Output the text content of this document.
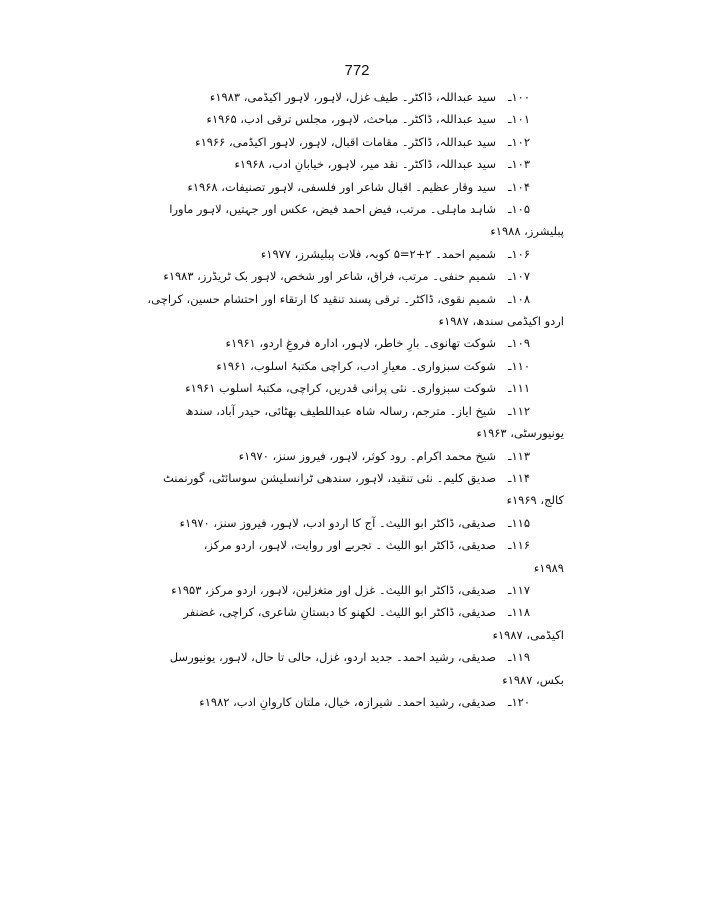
772
۱۰۰ـسید عبداللہ، ڈاکٹر۔ طیف غزل، لاہور، لاہور اکیڈمی، ۱۹۸۳ء
۱۰۱ـسید عبداللہ، ڈاکٹر۔ مباحث، لاہور، مجلس ترقی ادب، ۱۹۶۵ء
۱۰۲ـسید عبداللہ، ڈاکٹر۔ مقامات اقبال، لاہور، لاہور اکیڈمی، ۱۹۶۶ء
۱۰۳ـسید عبداللہ، ڈاکٹر۔ نقد میر، لاہور، خیابانِ ادب، ۱۹۶۸ء
۱۰۴ـسید وقار عظیم۔ اقبال شاعر اور فلسفی، لاہور تصنیفات، ۱۹۶۸ء
۱۰۵ـشاہد ماہلی۔ مرتب، فیض احمد فیض، عکس اور جہتیں، لاہور ماورا
پبلیشرز، ۱۹۸۸ء
۱۰۶ـشمیم احمد۔ ۲+۲=۵ کوبہ، فلات پبلیشرز، ۱۹۷۷ء
۱۰۷ـشمیم حنفی۔ مرتب، فراق، شاعر اور شخص، لاہور بک ٹریڈرز، ۱۹۸۳ء
۱۰۸ـشمیم نقوی، ڈاکٹر۔ ترقی پسند تنقید کا ارتقاء اور احتشام حسین، کراچی،
اردو اکیڈمی سندھ، ۱۹۸۷ء
۱۰۹ـشوکت تھانوی۔ بارِ خاطر، لاہور، ادارہ فروغِ اردو، ۱۹۶۱ء
۱۱۰ـشوکت سبزواری۔ معیارِ ادب، کراچی مکتبۂ اسلوب، ۱۹۶۱ء
۱۱۱ـشوکت سبزواری۔ نئی پرانی قدریں، کراچی، مکتبۂ اسلوب ۱۹۶۱ء
۱۱۲ـشیخ ایاز۔ مترجم، رسالہ شاہ عبداللطیف بھٹائی، حیدر آباد، سندھ
یونیورسٹی، ۱۹۶۳ء
۱۱۳ـشیخ محمد اکرام۔ رود کوثر، لاہور، فیروز سنز، ۱۹۷۰ء
۱۱۴ـصدیق کلیم۔ نئی تنقید، لاہور، سندھی ٹرانسلیشن سوسائٹی، گورنمنٹ
کالج، ۱۹۶۹ء
۱۱۵ـصدیقی، ڈاکٹر ابو اللیث۔ آج کا اردو ادب، لاہور، فیروز سنز، ۱۹۷۰ء
۱۱۶ـصدیقی، ڈاکٹر ابو اللیث ۔ تجربے اور روایت، لاہور، اردو مرکز،
۱۹۸۹ء
۱۱۷ـصدیقی، ڈاکٹر ابو اللیث۔ غزل اور متغزلین، لاہور، اردو مرکز، ۱۹۵۳ء
۱۱۸ـصدیقی، ڈاکٹر ابو اللیث۔ لکھنو کا دبستانِ شاعری، کراچی، غضنفر
اکیڈمی، ۱۹۸۷ء
۱۱۹ـصدیقی، رشید احمد۔ جدید اردو، غزل، حالی تا حال، لاہور، یونیورسل
بکس، ۱۹۸۷ء
۱۲۰ـصدیقی، رشید احمد۔ شیرازہ، خیال، ملتان کاروانِ ادب، ۱۹۸۲ء
